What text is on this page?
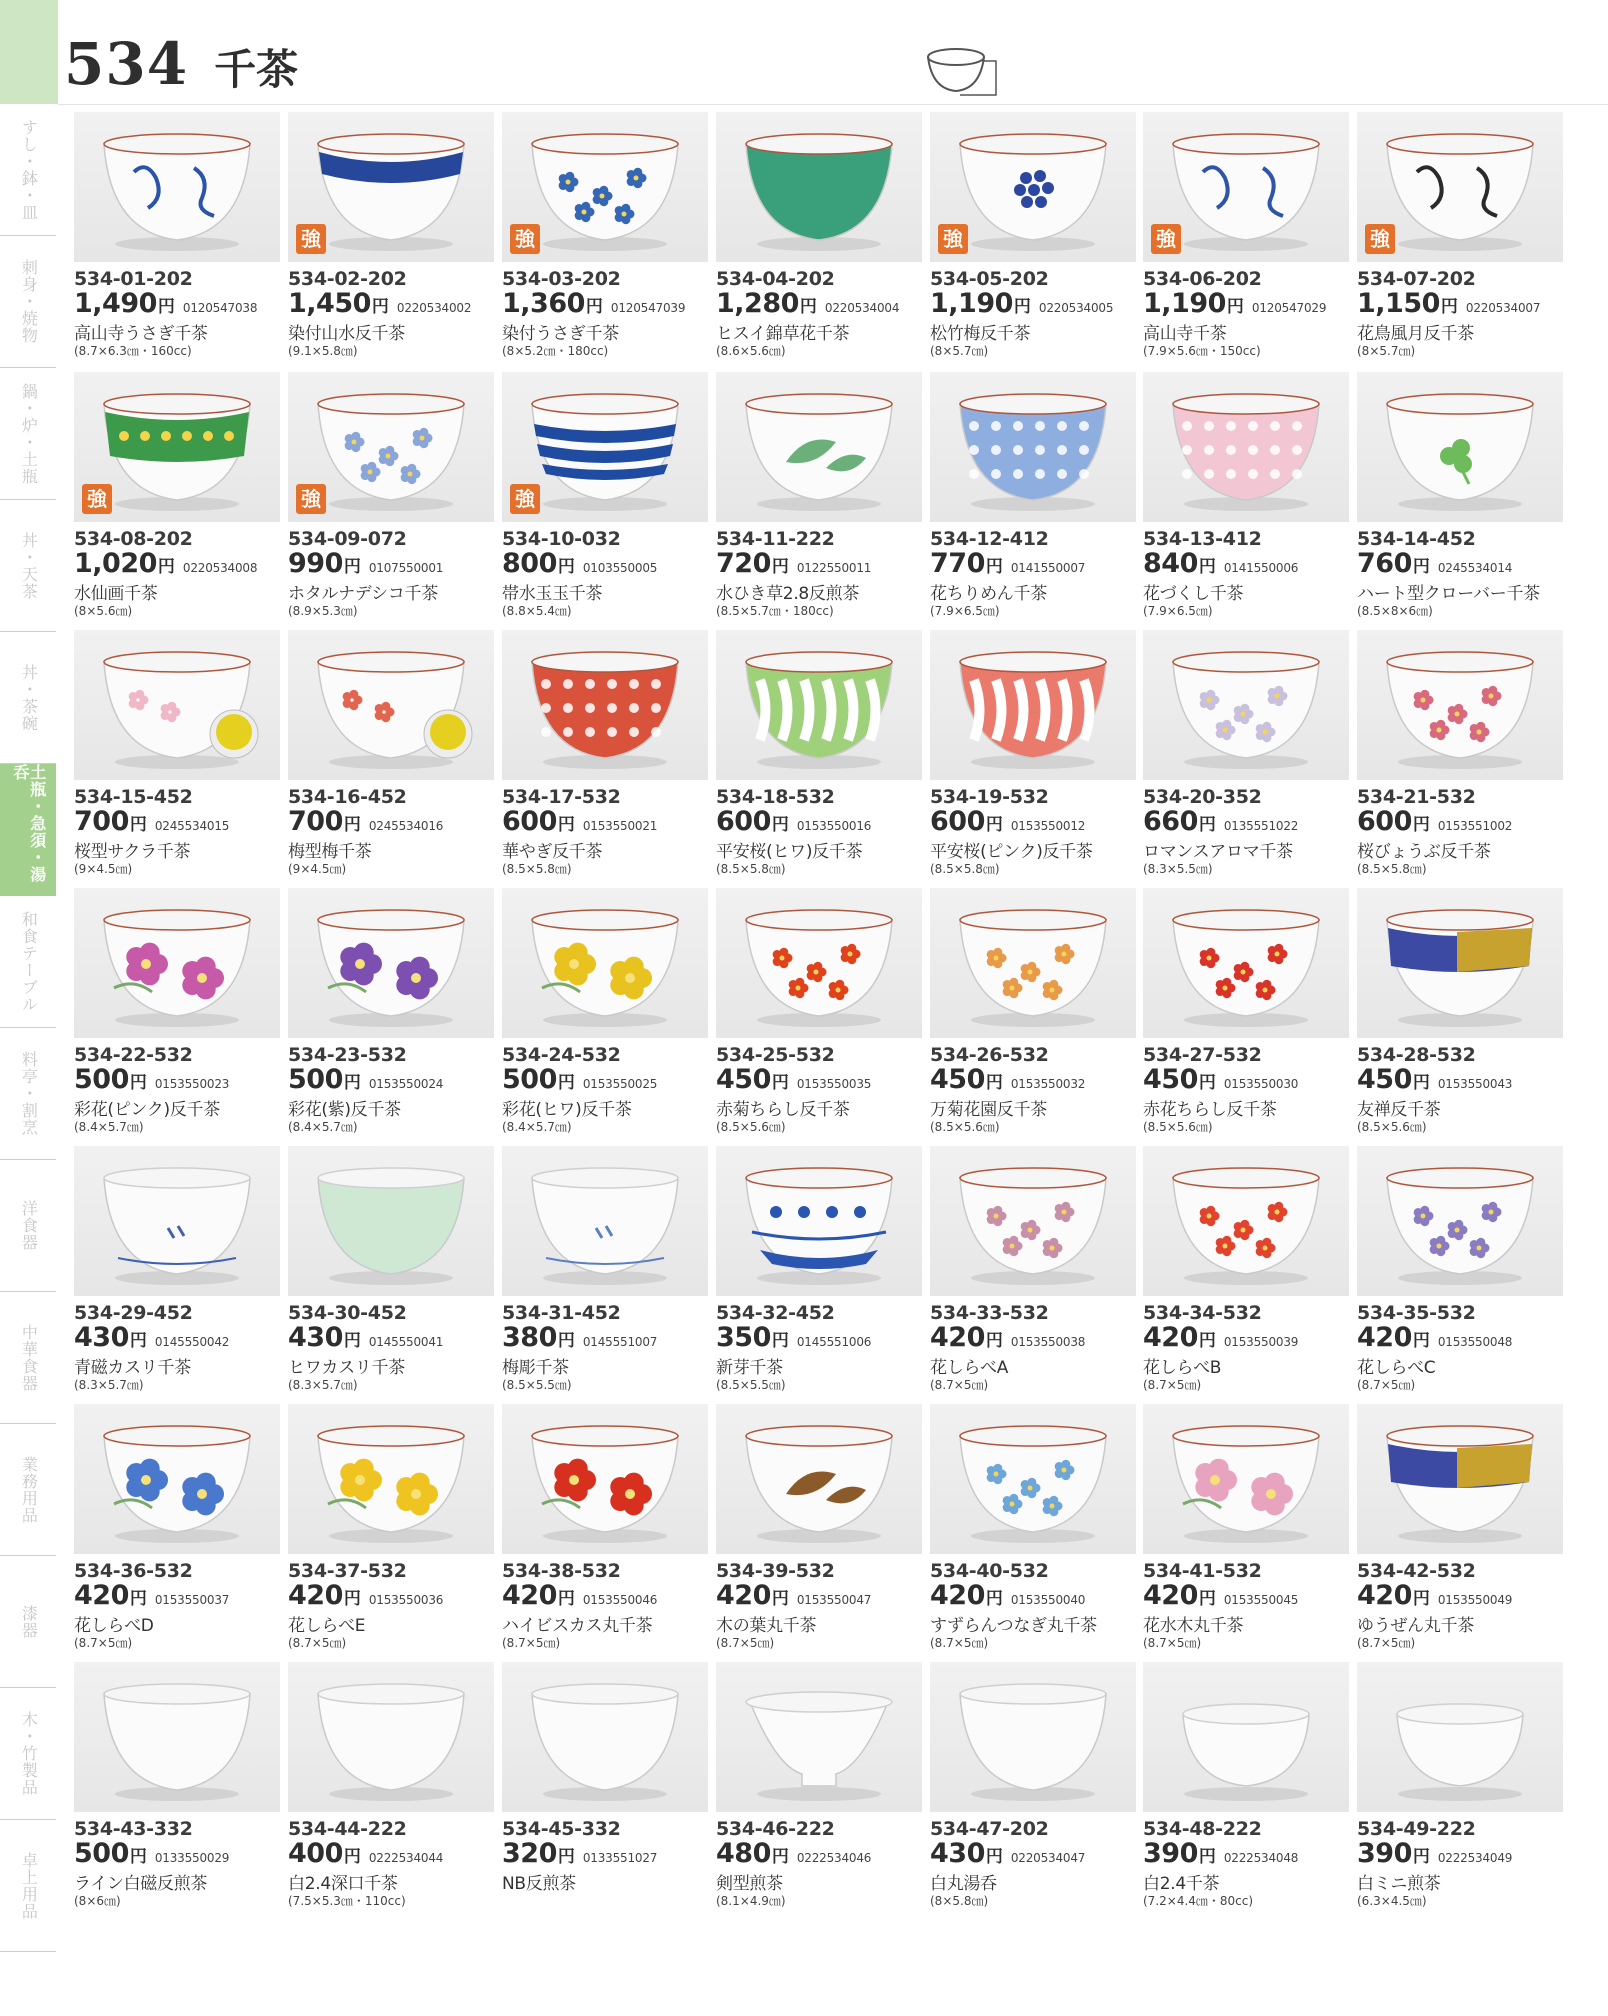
534 千茶
すし・鉢・皿
刺身・焼物
鍋・炉・土瓶
丼・天茶
丼・茶碗
土瓶・急須・湯呑
和食テーブル
料亭・割烹
洋食器
中華食器
業務用品
漆器
木・竹製品
卓上用品
534-01-202
1,490 円 0120547038
高山寺うさぎ千茶
(8.7×6.3㎝・160cc)
強
534-02-202
1,450 円 0220534002
染付山水反千茶
(9.1×5.8㎝)
強
534-03-202
1,360 円 0120547039
染付うさぎ千茶
(8×5.2㎝・180cc)
534-04-202
1,280 円 0220534004
ヒスイ錦草花千茶
(8.6×5.6㎝)
強
534-05-202
1,190 円 0220534005
松竹梅反千茶
(8×5.7㎝)
強
534-06-202
1,190 円 0120547029
高山寺千茶
(7.9×5.6㎝・150cc)
強
534-07-202
1,150 円 0220534007
花鳥風月反千茶
(8×5.7㎝)
強
534-08-202
1,020 円 0220534008
水仙画千茶
(8×5.6㎝)
強
534-09-072
990 円 0107550001
ホタルナデシコ千茶
(8.9×5.3㎝)
強
534-10-032
800 円 0103550005
帯水玉玉千茶
(8.8×5.4㎝)
534-11-222
720 円 0122550011
水ひき草2.8反煎茶
(8.5×5.7㎝・180cc)
534-12-412
770 円 0141550007
花ちりめん千茶
(7.9×6.5㎝)
534-13-412
840 円 0141550006
花づくし千茶
(7.9×6.5㎝)
534-14-452
760 円 0245534014
ハート型クローバー千茶
(8.5×8×6㎝)
534-15-452
700 円 0245534015
桜型サクラ千茶
(9×4.5㎝)
534-16-452
700 円 0245534016
梅型梅千茶
(9×4.5㎝)
534-17-532
600 円 0153550021
華やぎ反千茶
(8.5×5.8㎝)
534-18-532
600 円 0153550016
平安桜(ヒワ)反千茶
(8.5×5.8㎝)
534-19-532
600 円 0153550012
平安桜(ピンク)反千茶
(8.5×5.8㎝)
534-20-352
660 円 0135551022
ロマンスアロマ千茶
(8.3×5.5㎝)
534-21-532
600 円 0153551002
桜びょうぶ反千茶
(8.5×5.8㎝)
534-22-532
500 円 0153550023
彩花(ピンク)反千茶
(8.4×5.7㎝)
534-23-532
500 円 0153550024
彩花(紫)反千茶
(8.4×5.7㎝)
534-24-532
500 円 0153550025
彩花(ヒワ)反千茶
(8.4×5.7㎝)
534-25-532
450 円 0153550035
赤菊ちらし反千茶
(8.5×5.6㎝)
534-26-532
450 円 0153550032
万菊花園反千茶
(8.5×5.6㎝)
534-27-532
450 円 0153550030
赤花ちらし反千茶
(8.5×5.6㎝)
534-28-532
450 円 0153550043
友禅反千茶
(8.5×5.6㎝)
534-29-452
430 円 0145550042
青磁カスリ千茶
(8.3×5.7㎝)
534-30-452
430 円 0145550041
ヒワカスリ千茶
(8.3×5.7㎝)
534-31-452
380 円 0145551007
梅彫千茶
(8.5×5.5㎝)
534-32-452
350 円 0145551006
新芽千茶
(8.5×5.5㎝)
534-33-532
420 円 0153550038
花しらべA
(8.7×5㎝)
534-34-532
420 円 0153550039
花しらべB
(8.7×5㎝)
534-35-532
420 円 0153550048
花しらべC
(8.7×5㎝)
534-36-532
420 円 0153550037
花しらべD
(8.7×5㎝)
534-37-532
420 円 0153550036
花しらべE
(8.7×5㎝)
534-38-532
420 円 0153550046
ハイビスカス丸千茶
(8.7×5㎝)
534-39-532
420 円 0153550047
木の葉丸千茶
(8.7×5㎝)
534-40-532
420 円 0153550040
すずらんつなぎ丸千茶
(8.7×5㎝)
534-41-532
420 円 0153550045
花水木丸千茶
(8.7×5㎝)
534-42-532
420 円 0153550049
ゆうぜん丸千茶
(8.7×5㎝)
534-43-332
500 円 0133550029
ライン白磁反煎茶
(8×6㎝)
534-44-222
400 円 0222534044
白2.4深口千茶
(7.5×5.3㎝・110cc)
534-45-332
320 円 0133551027
NB反煎茶
534-46-222
480 円 0222534046
剣型煎茶
(8.1×4.9㎝)
534-47-202
430 円 0220534047
白丸湯呑
(8×5.8㎝)
534-48-222
390 円 0222534048
白2.4千茶
(7.2×4.4㎝・80cc)
534-49-222
390 円 0222534049
白ミニ煎茶
(6.3×4.5㎝)
